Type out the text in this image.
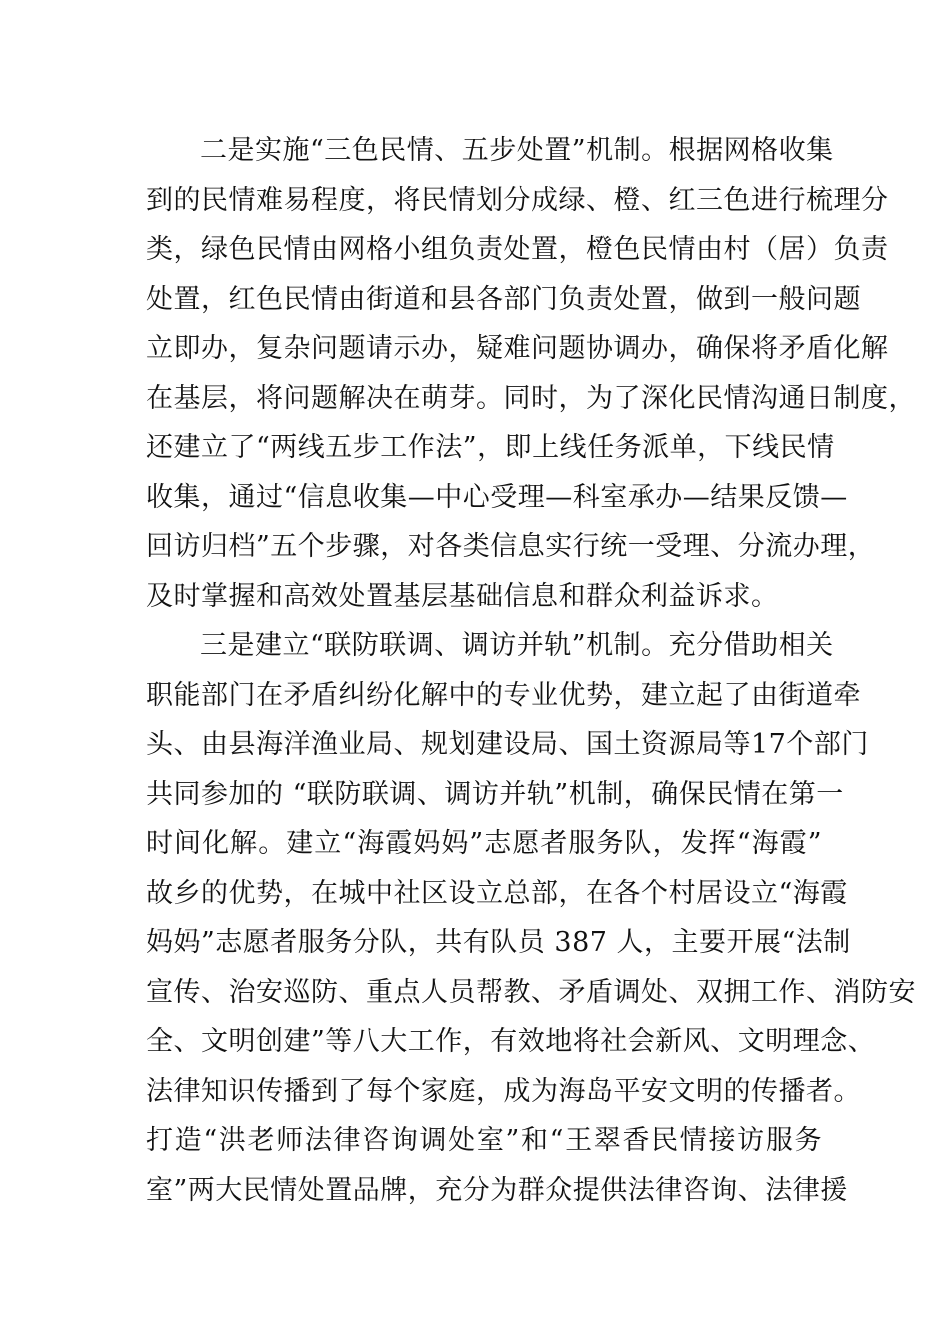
二是实施“三色民情、五步处置”机制。根据网格收集
到的民情难易程度，将民情划分成绿、橙、红三色进行梳理分
类，绿色民情由网格小组负责处置，橙色民情由村（居）负责
处置，红色民情由街道和县各部门负责处置，做到一般问题
立即办，复杂问题请示办，疑难问题协调办，确保将矛盾化解
在基层，将问题解决在萌芽。同时，为了深化民情沟通日制度，
还建立了“两线五步工作法”，即上线任务派单，下线民情
收集，通过“信息收集—中心受理—科室承办—结果反馈—
回访归档”五个步骤，对各类信息实行统一受理、分流办理，
及时掌握和高效处置基层基础信息和群众利益诉求。
三是建立“联防联调、调访并轨”机制。充分借助相关
职能部门在矛盾纠纷化解中的专业优势，建立起了由街道牵
头、由县海洋渔业局、规划建设局、国土资源局等17个部门
共同参加的 “联防联调、调访并轨”机制，确保民情在第一
时间化解。建立“海霞妈妈”志愿者服务队，发挥“海霞”
故乡的优势，在城中社区设立总部，在各个村居设立“海霞
妈妈”志愿者服务分队，共有队员 387 人，主要开展“法制
宣传、治安巡防、重点人员帮教、矛盾调处、双拥工作、消防安
全、文明创建”等八大工作，有效地将社会新风、文明理念、
法律知识传播到了每个家庭，成为海岛平安文明的传播者。
打造“洪老师法律咨询调处室”和“王翠香民情接访服务
室”两大民情处置品牌，充分为群众提供法律咨询、法律援
